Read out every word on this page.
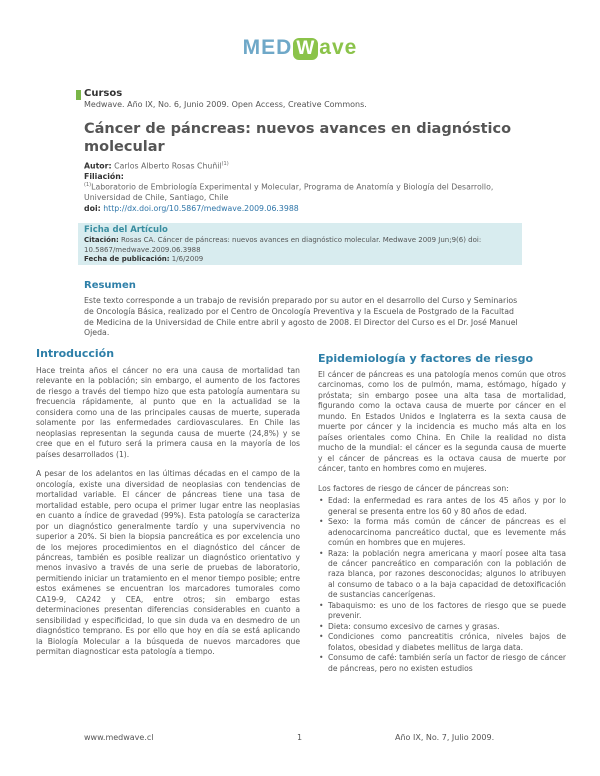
MED W ave
Cursos
Medwave. Año IX, No. 6, Junio 2009. Open Access, Creative Commons.
Cáncer de páncreas: nuevos avances en diagnóstico molecular
Autor: Carlos Alberto Rosas Chuñil$^{(1)}$
Filiación:
$^{(1)}$Laboratorio de Embriología Experimental y Molecular, Programa de Anatomía y Biología del Desarrollo, Universidad de Chile, Santiago, Chile
doi: http://dx.doi.org/10.5867/medwave.2009.06.3988
Ficha del Artículo
Citación: Rosas CA. Cáncer de páncreas: nuevos avances en diagnóstico molecular. Medwave 2009 Jun;9(6) doi: 10.5867/medwave.2009.06.3988
Fecha de publicación: 1/6/2009
Resumen
Este texto corresponde a un trabajo de revisión preparado por su autor en el desarrollo del Curso y Seminarios de Oncología Básica, realizado por el Centro de Oncología Preventiva y la Escuela de Postgrado de la Facultad de Medicina de la Universidad de Chile entre abril y agosto de 2008. El Director del Curso es el Dr. José Manuel Ojeda.
Introducción

Hace treinta años el cáncer no era una causa de mortalidad tan relevante en la población; sin embargo, el aumento de los factores de riesgo a través del tiempo hizo que esta patología aumentara su frecuencia rápidamente, al punto que en la actualidad se la considera como una de las principales causas de muerte, superada solamente por las enfermedades cardiovasculares. En Chile las neoplasias representan la segunda causa de muerte (24,8%) y se cree que en el futuro será la primera causa en la mayoría de los países desarrollados (1).

A pesar de los adelantos en las últimas décadas en el campo de la oncología, existe una diversidad de neoplasias con tendencias de mortalidad variable. El cáncer de páncreas tiene una tasa de mortalidad estable, pero ocupa el primer lugar entre las neoplasias en cuanto a índice de gravedad (99%). Esta patología se caracteriza por un diagnóstico generalmente tardío y una supervivencia no superior a 20%. Si bien la biopsia pancreática es por excelencia uno de los mejores procedimientos en el diagnóstico del cáncer de páncreas, también es posible realizar un diagnóstico orientativo y menos invasivo a través de una serie de pruebas de laboratorio, permitiendo iniciar un tratamiento en el menor tiempo posible; entre estos exámenes se encuentran los marcadores tumorales como CA19-9, CA242 y CEA, entre otros; sin embargo estas determinaciones presentan diferencias considerables en cuanto a sensibilidad y especificidad, lo que sin duda va en desmedro de un diagnóstico temprano. Es por ello que hoy en día se está aplicando la Biología Molecular a la búsqueda de nuevos marcadores que permitan diagnosticar esta patología a tiempo.

Epidemiología y factores de riesgo

El cáncer de páncreas es una patología menos común que otros carcinomas, como los de pulmón, mama, estómago, hígado y próstata; sin embargo posee una alta tasa de mortalidad, figurando como la octava causa de muerte por cáncer en el mundo. En Estados Unidos e Inglaterra es la sexta causa de muerte por cáncer y la incidencia es mucho más alta en los países orientales como China. En Chile la realidad no dista mucho de la mundial: el cáncer es la segunda causa de muerte y el cáncer de páncreas es la octava causa de muerte por cáncer, tanto en hombres como en mujeres.

Los factores de riesgo de cáncer de páncreas son:

• Edad: la enfermedad es rara antes de los 45 años y por lo general se presenta entre los 60 y 80 años de edad.
• Sexo: la forma más común de cáncer de páncreas es el adenocarcinoma pancreático ductal, que es levemente más común en hombres que en mujeres.
• Raza: la población negra americana y maorí posee alta tasa de cáncer pancreático en comparación con la población de raza blanca, por razones desconocidas; algunos lo atribuyen al consumo de tabaco o a la baja capacidad de detoxificación de sustancias cancerígenas.
• Tabaquismo: es uno de los factores de riesgo que se puede prevenir.
• Dieta: consumo excesivo de carnes y grasas.
• Condiciones como pancreatitis crónica, niveles bajos de folatos, obesidad y diabetes mellitus de larga data.
• Consumo de café: también sería un factor de riesgo de cáncer de páncreas, pero no existen estudios
www.medwave.cl	1	Año IX, No. 7, Julio 2009.
